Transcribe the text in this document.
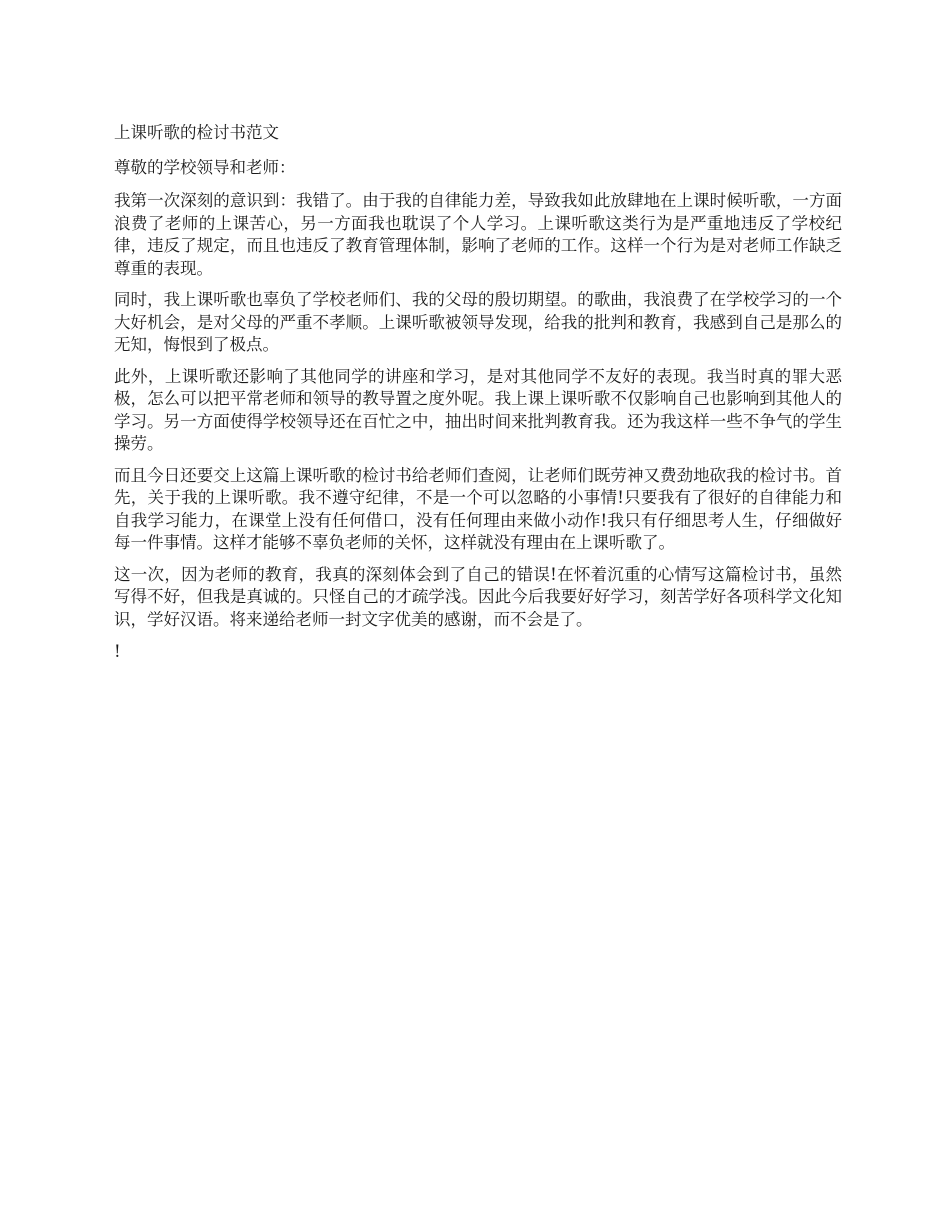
上课听歌的检讨书范文

尊敬的学校领导和老师：

我第一次深刻的意识到：我错了。由于我的自律能力差，导致我如此放肆地在上课时候听歌，一方面浪费了老师的上课苦心，另一方面我也耽误了个人学习。上课听歌这类行为是严重地违反了学校纪律，违反了规定，而且也违反了教育管理体制，影响了老师的工作。这样一个行为是对老师工作缺乏尊重的表现。

同时，我上课听歌也辜负了学校老师们、我的父母的殷切期望。的歌曲，我浪费了在学校学习的一个大好机会，是对父母的严重不孝顺。上课听歌被领导发现，给我的批判和教育，我感到自己是那么的无知，悔恨到了极点。

此外，上课听歌还影响了其他同学的讲座和学习，是对其他同学不友好的表现。我当时真的罪大恶极，怎么可以把平常老师和领导的教导置之度外呢。我上课上课听歌不仅影响自己也影响到其他人的学习。另一方面使得学校领导还在百忙之中，抽出时间来批判教育我。还为我这样一些不争气的学生操劳。

而且今日还要交上这篇上课听歌的检讨书给老师们查阅，让老师们既劳神又费劲地砍我的检讨书。首先，关于我的上课听歌。我不遵守纪律，不是一个可以忽略的小事情!只要我有了很好的自律能力和自我学习能力，在课堂上没有任何借口，没有任何理由来做小动作!我只有仔细思考人生，仔细做好每一件事情。这样才能够不辜负老师的关怀，这样就没有理由在上课听歌了。

这一次，因为老师的教育，我真的深刻体会到了自己的错误!在怀着沉重的心情写这篇检讨书，虽然写得不好，但我是真诚的。只怪自己的才疏学浅。因此今后我要好好学习，刻苦学好各项科学文化知识，学好汉语。将来递给老师一封文字优美的感谢，而不会是了。

!
